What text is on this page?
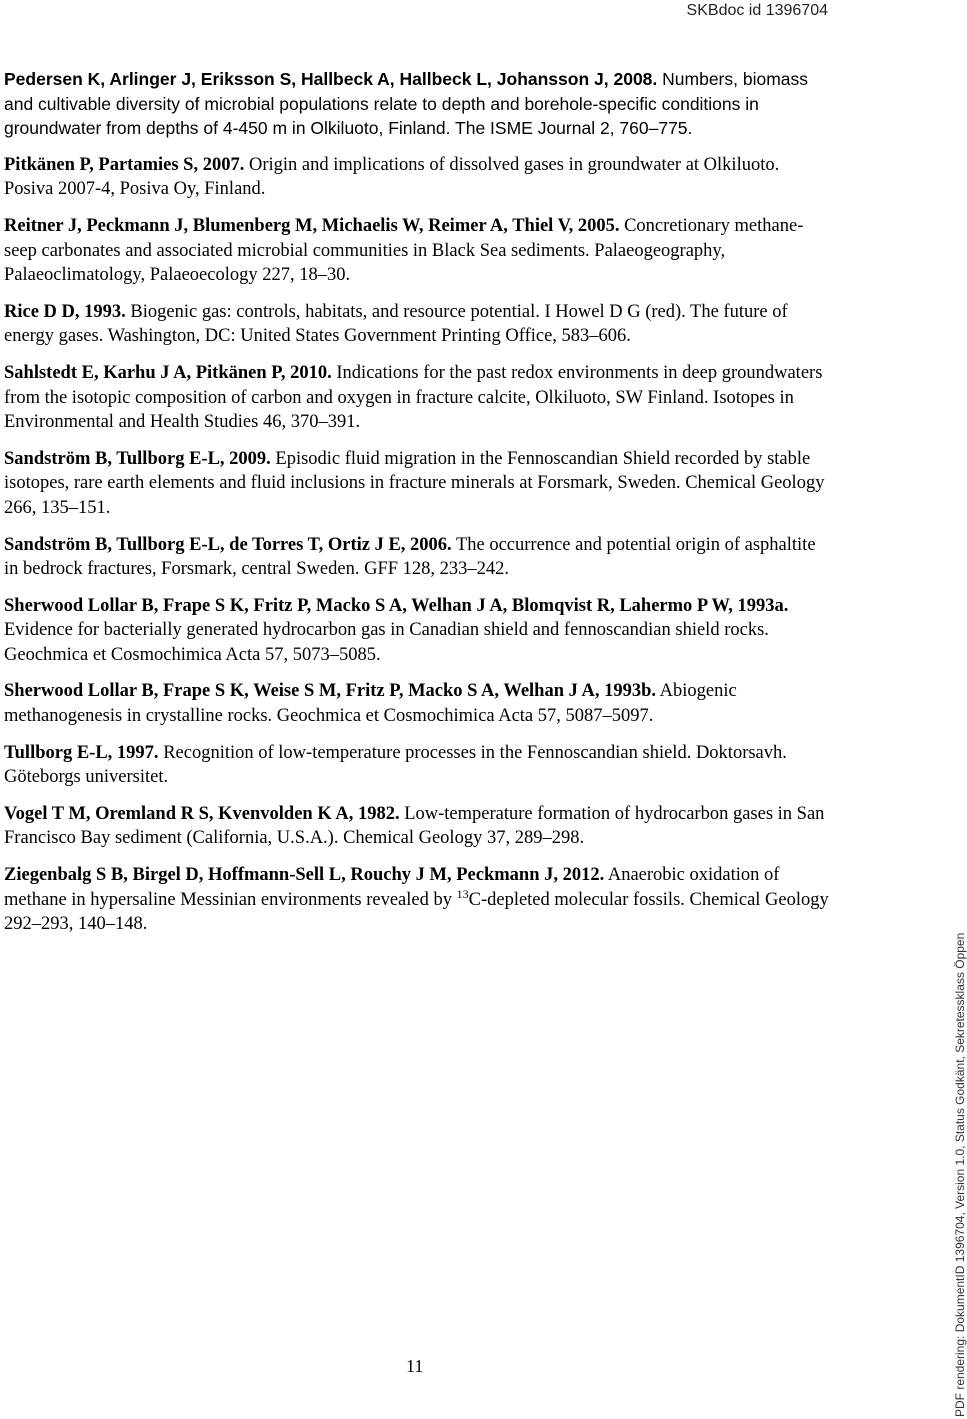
SKBdoc id 1396704

Pedersen K, Arlinger J, Eriksson S, Hallbeck A, Hallbeck L, Johansson J, 2008. Numbers, biomass and cultivable diversity of microbial populations relate to depth and borehole-specific conditions in groundwater from depths of 4-450 m in Olkiluoto, Finland. The ISME Journal 2, 760–775.

Pitkänen P, Partamies S, 2007. Origin and implications of dissolved gases in groundwater at Olkiluoto. Posiva 2007-4, Posiva Oy, Finland.

Reitner J, Peckmann J, Blumenberg M, Michaelis W, Reimer A, Thiel V, 2005. Concretionary methane-seep carbonates and associated microbial communities in Black Sea sediments. Palaeogeography, Palaeoclimatology, Palaeoecology 227, 18–30.

Rice D D, 1993. Biogenic gas: controls, habitats, and resource potential. I Howel D G (red). The future of energy gases. Washington, DC: United States Government Printing Office, 583–606.

Sahlstedt E, Karhu J A, Pitkänen P, 2010. Indications for the past redox environments in deep groundwaters from the isotopic composition of carbon and oxygen in fracture calcite, Olkiluoto, SW Finland. Isotopes in Environmental and Health Studies 46, 370–391.

Sandström B, Tullborg E-L, 2009. Episodic fluid migration in the Fennoscandian Shield recorded by stable isotopes, rare earth elements and fluid inclusions in fracture minerals at Forsmark, Sweden. Chemical Geology 266, 135–151.

Sandström B, Tullborg E-L, de Torres T, Ortiz J E, 2006. The occurrence and potential origin of asphaltite in bedrock fractures, Forsmark, central Sweden. GFF 128, 233–242.

Sherwood Lollar B, Frape S K, Fritz P, Macko S A, Welhan J A, Blomqvist R, Lahermo P W, 1993a. Evidence for bacterially generated hydrocarbon gas in Canadian shield and fennoscandian shield rocks. Geochmica et Cosmochimica Acta 57, 5073–5085.

Sherwood Lollar B, Frape S K, Weise S M, Fritz P, Macko S A, Welhan J A, 1993b. Abiogenic methanogenesis in crystalline rocks. Geochmica et Cosmochimica Acta 57, 5087–5097.

Tullborg E-L, 1997. Recognition of low-temperature processes in the Fennoscandian shield. Doktorsavh. Göteborgs universitet.

Vogel T M, Oremland R S, Kvenvolden K A, 1982. Low-temperature formation of hydrocarbon gases in San Francisco Bay sediment (California, U.S.A.). Chemical Geology 37, 289–298.

Ziegenbalg S B, Birgel D, Hoffmann-Sell L, Rouchy J M, Peckmann J, 2012. Anaerobic oxidation of methane in hypersaline Messinian environments revealed by $^{13}$C-depleted molecular fossils. Chemical Geology 292–293, 140–148.

11	PDF rendering: DokumentID 1396704, Version 1.0, Status Godkänt, Sekretessklass Öppen
